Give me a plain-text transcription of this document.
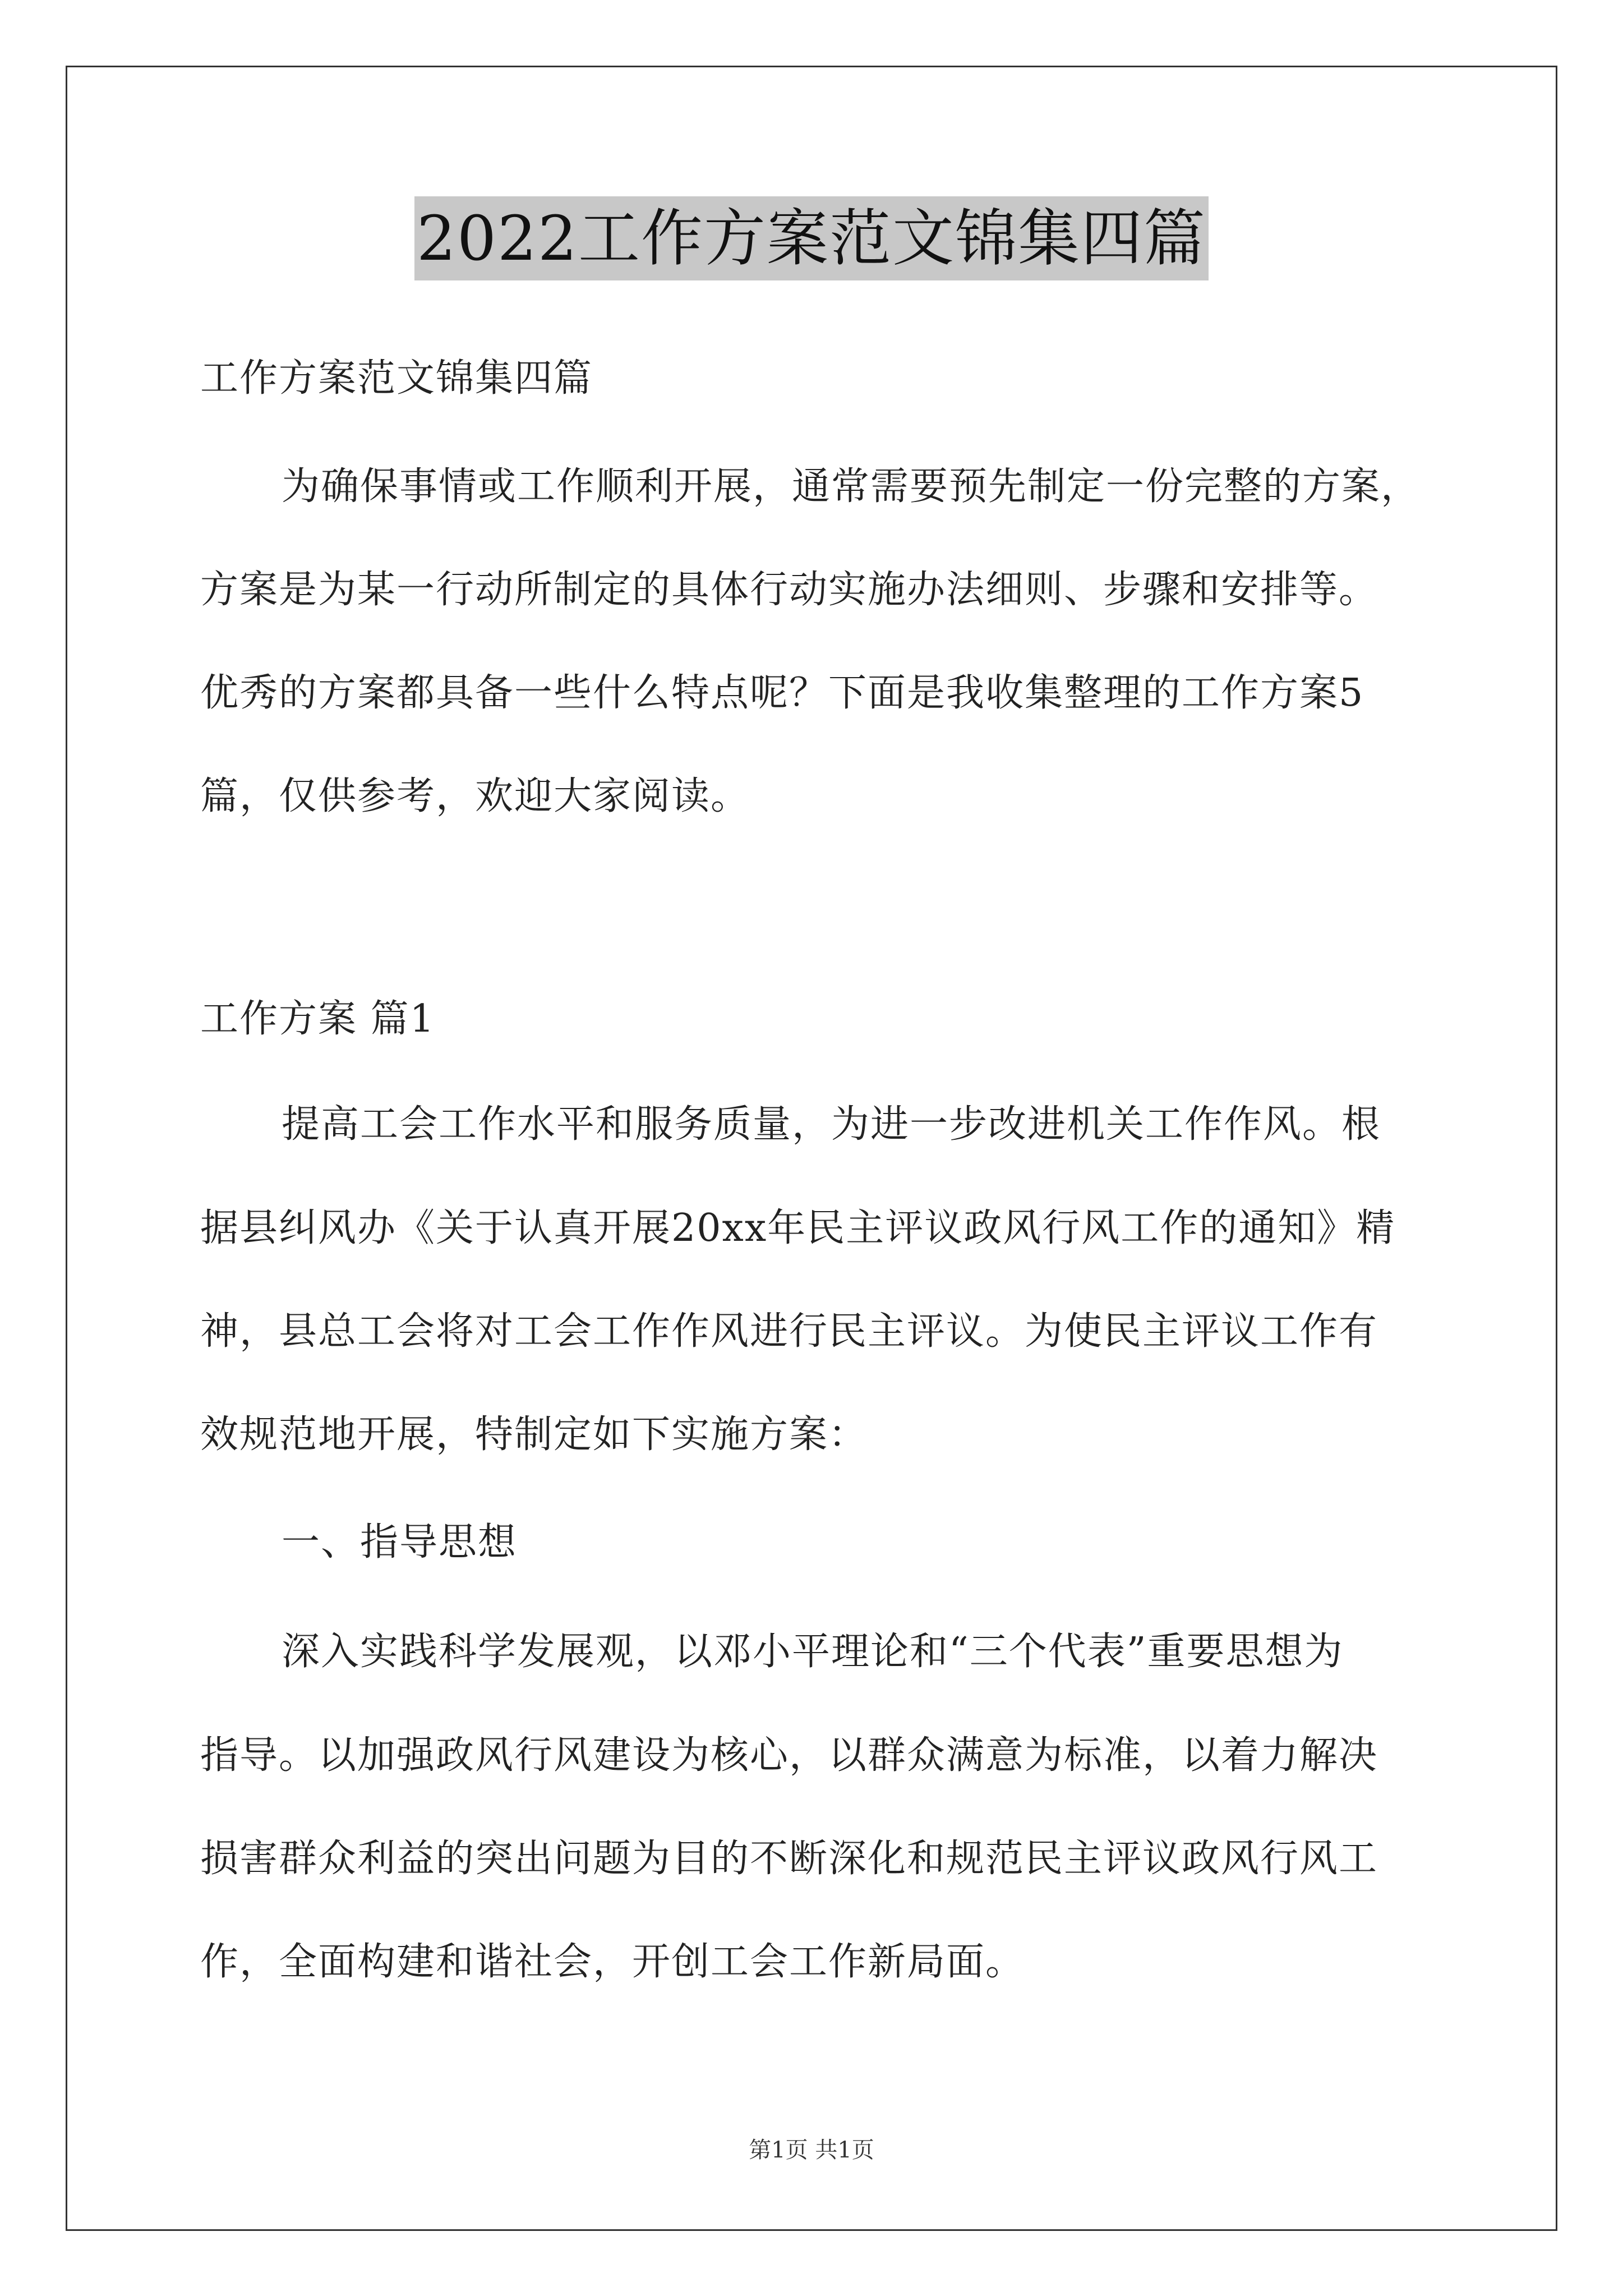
2022工作方案范文锦集四篇
工作方案范文锦集四篇
为确保事情或工作顺利开展，通常需要预先制定一份完整的方案，
方案是为某一行动所制定的具体行动实施办法细则、步骤和安排等。
优秀的方案都具备一些什么特点呢？下面是我收集整理的工作方案5
篇，仅供参考，欢迎大家阅读。
工作方案 篇1
提高工会工作水平和服务质量，为进一步改进机关工作作风。根
据县纠风办《关于认真开展20xx年民主评议政风行风工作的通知》精
神，县总工会将对工会工作作风进行民主评议。为使民主评议工作有
效规范地开展，特制定如下实施方案：
一、指导思想
深入实践科学发展观，以邓小平理论和“三个代表”重要思想为
指导。以加强政风行风建设为核心，以群众满意为标准，以着力解决
损害群众利益的突出问题为目的不断深化和规范民主评议政风行风工
作，全面构建和谐社会，开创工会工作新局面。
第1页 共1页
